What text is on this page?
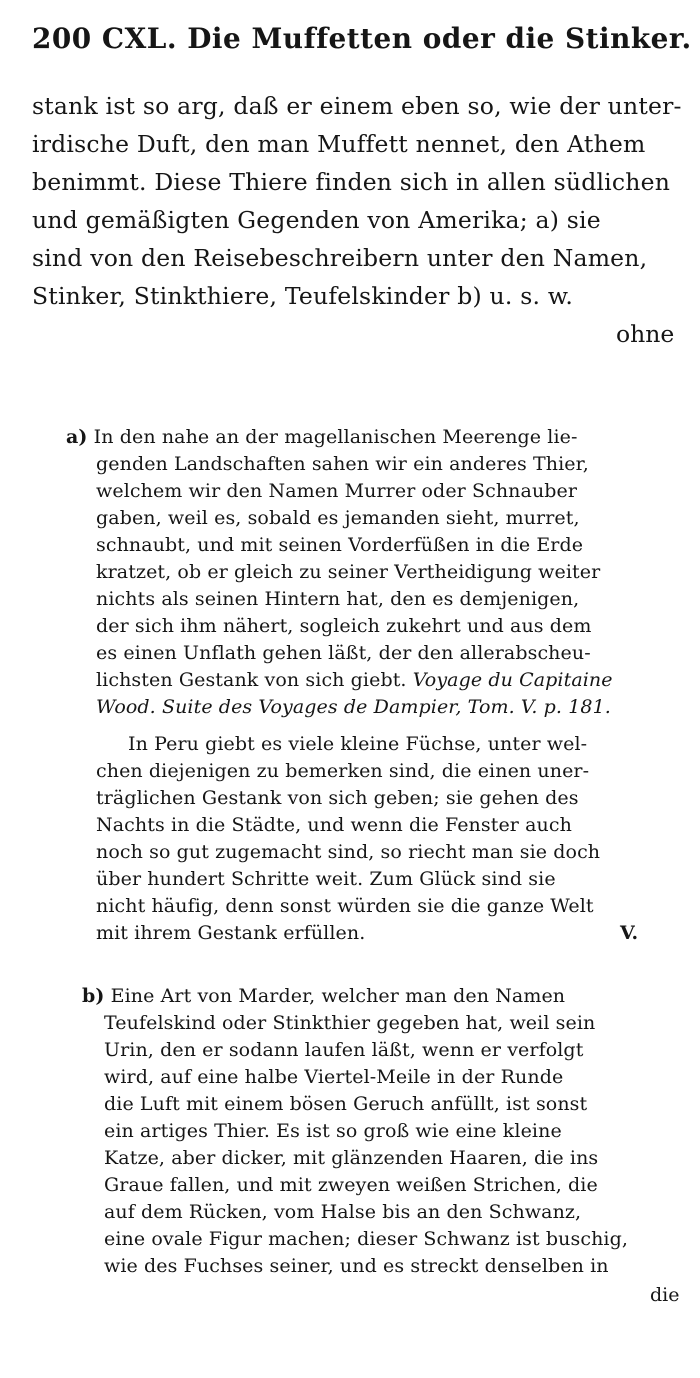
200 CXL. Die Muffetten oder die Stinker.
stank ist so arg, daß er einem eben so, wie der unter-
irdische Duft, den man Muffett nennet, den Athem
benimmt. Diese Thiere finden sich in allen südlichen
und gemäßigten Gegenden von Amerika; a) sie
sind von den Reisebeschreibern unter den Namen,
Stinker, Stinkthiere, Teufelskinder b) u. s. w.
ohne
a) In den nahe an der magellanischen Meerenge lie-
genden Landschaften sahen wir ein anderes Thier,
welchem wir den Namen Murrer oder Schnauber
gaben, weil es, sobald es jemanden sieht, murret,
schnaubt, und mit seinen Vorderfüßen in die Erde
kratzet, ob er gleich zu seiner Vertheidigung weiter
nichts als seinen Hintern hat, den es demjenigen,
der sich ihm nähert, sogleich zukehrt und aus dem
es einen Unflath gehen läßt, der den allerabscheu-
lichsten Gestank von sich giebt. Voyage du Capitaine
Wood. Suite des Voyages de Dampier, Tom. V. p. 181.
In Peru giebt es viele kleine Füchse, unter wel-
chen diejenigen zu bemerken sind, die einen uner-
träglichen Gestank von sich geben; sie gehen des
Nachts in die Städte, und wenn die Fenster auch
noch so gut zugemacht sind, so riecht man sie doch
über hundert Schritte weit. Zum Glück sind sie
nicht häufig, denn sonst würden sie die ganze Welt
mit ihrem Gestank erfüllen.	V.
b) Eine Art von Marder, welcher man den Namen
Teufelskind oder Stinkthier gegeben hat, weil sein
Urin, den er sodann laufen läßt, wenn er verfolgt
wird, auf eine halbe Viertel-Meile in der Runde
die Luft mit einem bösen Geruch anfüllt, ist sonst
ein artiges Thier. Es ist so groß wie eine kleine
Katze, aber dicker, mit glänzenden Haaren, die ins
Graue fallen, und mit zweyen weißen Strichen, die
auf dem Rücken, vom Halse bis an den Schwanz,
eine ovale Figur machen; dieser Schwanz ist buschig,
wie des Fuchses seiner, und es streckt denselben in
die
